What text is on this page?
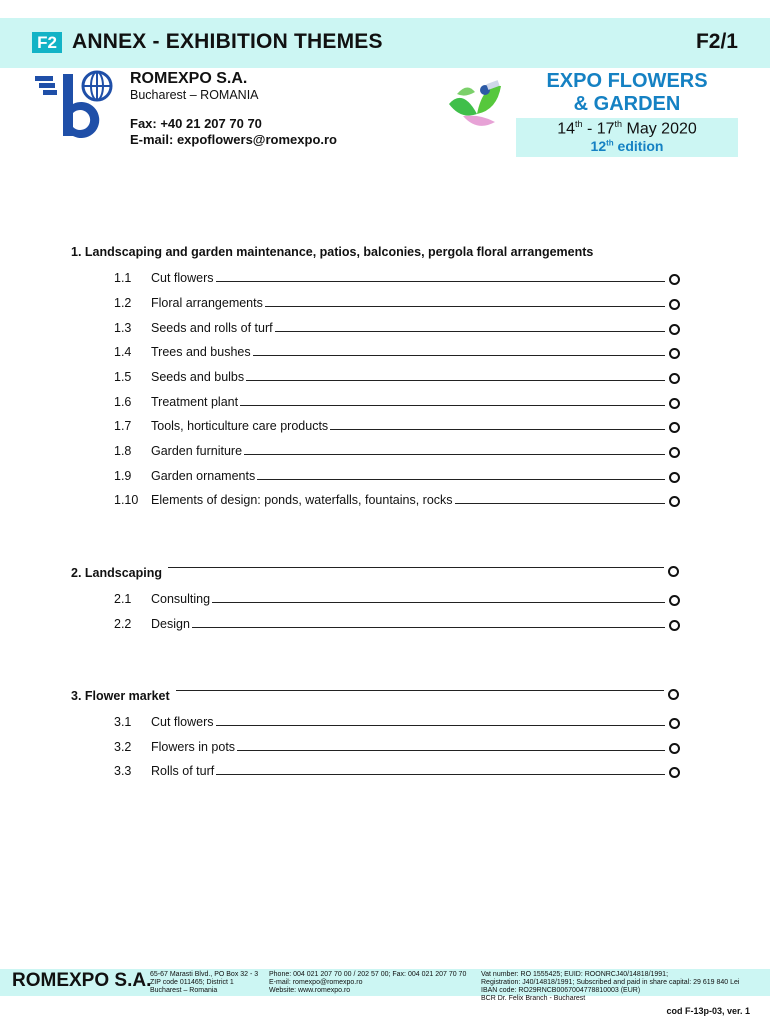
F2 ANNEX - EXHIBITION THEMES	F2/1
ROMEXPO S.A.
Bucharest – ROMANIA
Fax: +40 21 207 70 70
E-mail: expoflowers@romexpo.ro
EXPO FLOWERS
& GARDEN
14th - 17th May 2020
12th edition
1. Landscaping and garden maintenance, patios, balconies, pergola floral arrangements
1.1	Cut flowers
1.2	Floral arrangements
1.3	Seeds and rolls of turf
1.4	Trees and bushes
1.5	Seeds and bulbs
1.6	Treatment plant
1.7	Tools, horticulture care products
1.8	Garden furniture
1.9	Garden ornaments
1.10	Elements of design: ponds, waterfalls, fountains, rocks
2. Landscaping
2.1	Consulting
2.2	Design
3. Flower market
3.1	Cut flowers
3.2	Flowers in pots
3.3	Rolls of turf
ROMEXPO S.A.
65-67 Marasti Blvd., PO Box 32 - 3
ZIP code 011465; District 1
Bucharest – Romania
Phone: 004 021 207 70 00 / 202 57 00; Fax: 004 021 207 70 70
E-mail: romexpo@romexpo.ro
Website: www.romexpo.ro
Vat number: RO 1555425; EUID: ROONRCJ40/14818/1991;
Registration: J40/14818/1991; Subscribed and paid in share capital: 29 619 840 Lei
IBAN code: RO29RNCB0067004778810003 (EUR)
BCR Dr. Felix Branch - Bucharest
cod F-13p-03, ver. 1
